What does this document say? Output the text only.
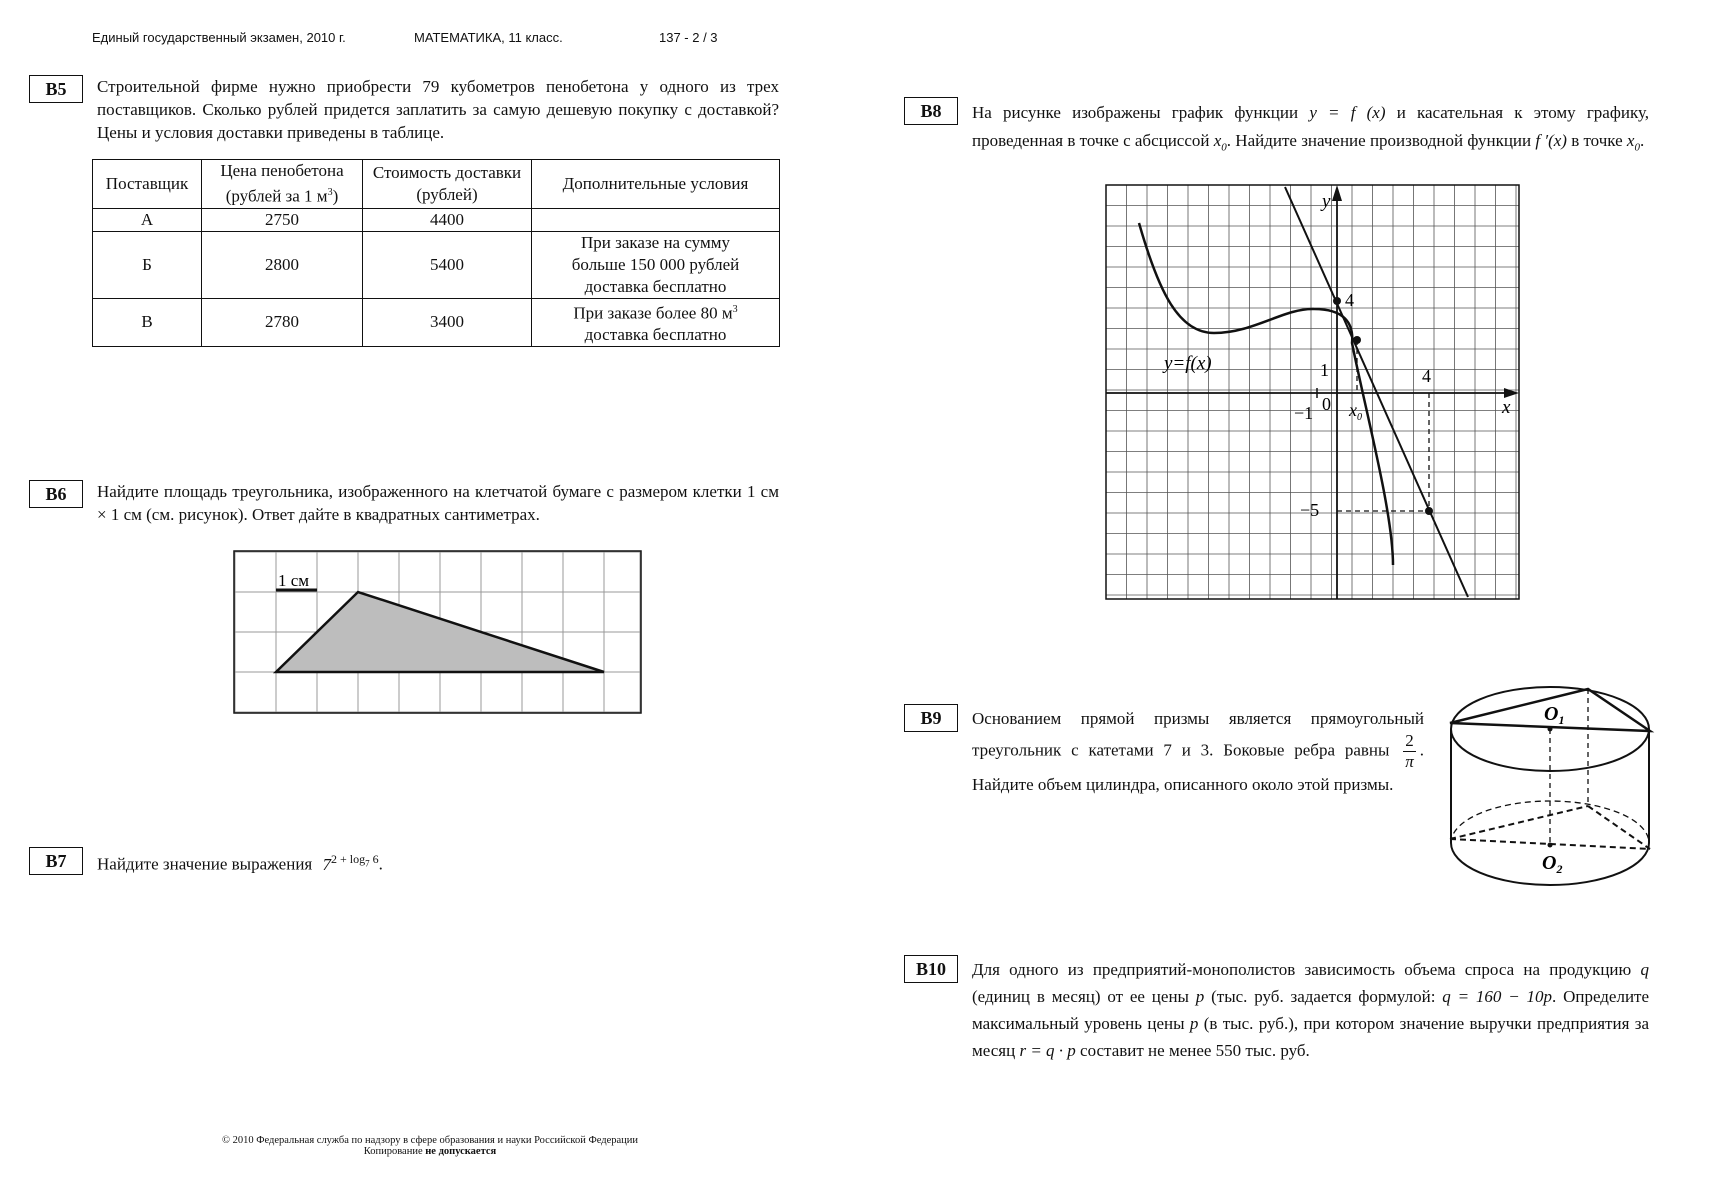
Единый государственный экзамен, 2010 г.	МАТЕМАТИКА, 11 класс.	137 - 2 / 3
B5	Строительной фирме нужно приобрести 79 кубометров пенобетона у одного из трех поставщиков. Сколько рублей придется заплатить за самую дешевую покупку с доставкой? Цены и условия доставки приведены в таблице.
Поставщик	Цена пенобетона (рублей за 1 $м^3$)	Стоимость доставки (рублей)	Дополнительные условия
А	2750	4400	
Б	2800	5400	При заказе на сумму больше 150 000 рублей доставка бесплатно
В	2780	3400	При заказе более 80 $м^3$
доставка бесплатно
B6	Найдите площадь треугольника, изображенного на клетчатой бумаге с размером клетки 1 см × 1 см (см. рисунок). Ответ дайте в квадратных сантиметрах.
1 см
B7	Найдите значение выражения $7^{2 + log_7 6}$.
B8	На рисунке изображены график функции y = f (x) и касательная к этому графику, проведенная в точке с абсциссой $x_0$. Найдите значение производной функции f ′(x) в точке $x_0$.
y
x
y=f(x)
4
1	4
−1 0
−5
$x_0$
B9	Основанием прямой призмы является прямоугольный треугольник с катетами 7 и 3. Боковые ребра равны $\frac{2}{\pi}$ . Найдите объем цилиндра, описанного около этой призмы.
$O_1$
$O_2$
B10	Для одного из предприятий-монополистов зависимость объема спроса на продукцию q (единиц в месяц) от ее цены p (тыс. руб. задается формулой: q = 160 − 10p. Определите максимальный уровень цены p (в тыс. руб.), при котором значение выручки предприятия за месяц r = q · p составит не менее 550 тыс. руб.
© 2010 Федеральная служба по надзору в сфере образования и науки Российской Федерации
Копирование не допускается
